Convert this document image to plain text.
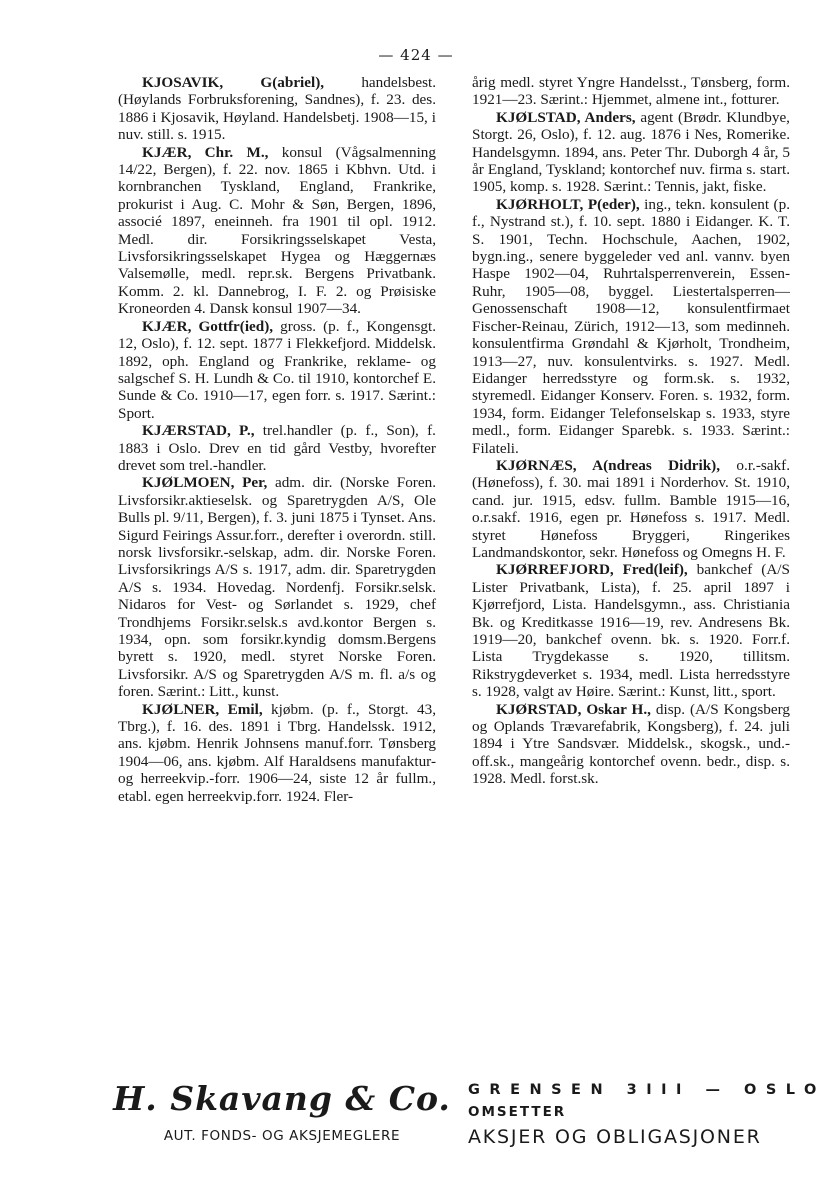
— 424 —

KJOSAVIK, G(abriel), handelsbest. (Høylands Forbruksforening, Sandnes), f. 23. des. 1886 i Kjosavik, Høyland. Handelsbetj. 1908—15, i nuv. still. s. 1915.

KJÆR, Chr. M., konsul (Vågsalmenning 14/22, Bergen), f. 22. nov. 1865 i Kbhvn. Utd. i kornbranchen Tyskland, England, Frankrike, prokurist i Aug. C. Mohr & Søn, Bergen, 1896, associé 1897, eneinneh. fra 1901 til opl. 1912. Medl. dir. Forsikringsselskapet Vesta, Livsforsikringsselskapet Hygea og Hæggernæs Valsemølle, medl. repr.sk. Bergens Privatbank. Komm. 2. kl. Dannebrog, I. F. 2. og Prøisiske Kroneorden 4. Dansk konsul 1907—34.

KJÆR, Gottfr(ied), gross. (p. f., Kongensgt. 12, Oslo), f. 12. sept. 1877 i Flekkefjord. Middelsk. 1892, oph. England og Frankrike, reklame- og salgschef S. H. Lundh & Co. til 1910, kontorchef E. Sunde & Co. 1910—17, egen forr. s. 1917. Særint.: Sport.

KJÆRSTAD, P., trel.handler (p. f., Son), f. 1883 i Oslo. Drev en tid gård Vestby, hvorefter drevet som trel.-handler.

KJØLMOEN, Per, adm. dir. (Norske Foren. Livsforsikr.aktieselsk. og Sparetrygden A/S, Ole Bulls pl. 9/11, Bergen), f. 3. juni 1875 i Tynset. Ans. Sigurd Feirings Assur.forr., derefter i overordn. still. norsk livsforsikr.-selskap, adm. dir. Norske Foren. Livsforsikrings A/S s. 1917, adm. dir. Sparetrygden A/S s. 1934. Hovedag. Nordenfj. Forsikr.selsk. Nidaros for Vest- og Sørlandet s. 1929, chef Trondhjems Forsikr.selsk.s avd.kontor Bergen s. 1934, opn. som forsikr.kyndig domsm.Bergens byrett s. 1920, medl. styret Norske Foren. Livsforsikr. A/S og Sparetrygden A/S m. fl. a/s og foren. Særint.: Litt., kunst.

KJØLNER, Emil, kjøbm. (p. f., Storgt. 43, Tbrg.), f. 16. des. 1891 i Tbrg. Handelssk. 1912, ans. kjøbm. Henrik Johnsens manuf.forr. Tønsberg 1904—06, ans. kjøbm. Alf Haraldsens manufaktur- og herreekvip.-forr. 1906—24, siste 12 år fullm., etabl. egen herreekvip.forr. 1924. Fler-

årig medl. styret Yngre Handelsst., Tønsberg, form. 1921—23. Særint.: Hjemmet, almene int., fotturer.

KJØLSTAD, Anders, agent (Brødr. Klundbye, Storgt. 26, Oslo), f. 12. aug. 1876 i Nes, Romerike. Handelsgymn. 1894, ans. Peter Thr. Duborgh 4 år, 5 år England, Tyskland; kontorchef nuv. firma s. start. 1905, komp. s. 1928. Særint.: Tennis, jakt, fiske.

KJØRHOLT, P(eder), ing., tekn. konsulent (p. f., Nystrand st.), f. 10. sept. 1880 i Eidanger. K. T. S. 1901, Techn. Hochschule, Aachen, 1902, bygn.ing., senere byggeleder ved anl. vannv. byen Haspe 1902—04, Ruhrtalsperrenverein, Essen-Ruhr, 1905—08, byggel. Liestertalsperren—Genossenschaft 1908—12, konsulentfirmaet Fischer-Reinau, Zürich, 1912—13, som medinneh. konsulentfirma Grøndahl & Kjørholt, Trondheim, 1913—27, nuv. konsulentvirks. s. 1927. Medl. Eidanger herredsstyre og form.sk. s. 1932, styremedl. Eidanger Konserv. Foren. s. 1932, form. 1934, form. Eidanger Telefonselskap s. 1933, styre medl., form. Eidanger Sparebk. s. 1933. Særint.: Filateli.

KJØRNÆS, A(ndreas Didrik), o.r.-sakf. (Hønefoss), f. 30. mai 1891 i Norderhov. St. 1910, cand. jur. 1915, edsv. fullm. Bamble 1915—16, o.r.sakf. 1916, egen pr. Hønefoss s. 1917. Medl. styret Hønefoss Bryggeri, Ringerikes Landmandskontor, sekr. Hønefoss og Omegns H. F.

KJØRREFJORD, Fred(leif), bankchef (A/S Lister Privatbank, Lista), f. 25. april 1897 i Kjørrefjord, Lista. Handelsgymn., ass. Christiania Bk. og Kreditkasse 1916—19, rev. Andresens Bk. 1919—20, bankchef ovenn. bk. s. 1920. Forr.f. Lista Trygdekasse s. 1920, tillitsm. Rikstrygdeverket s. 1934, medl. Lista herredsstyre s. 1928, valgt av Høire. Særint.: Kunst, litt., sport.

KJØRSTAD, Oskar H., disp. (A/S Kongsberg og Oplands Trævarefabrik, Kongsberg), f. 24. juli 1894 i Ytre Sandsvær. Middelsk., skogsk., und.-off.sk., mangeårig kontorchef ovenn. bedr., disp. s. 1928. Medl. forst.sk.

H. Skavang & Co.
AUT. FONDS- OG AKSJEMEGLERE
GRENSEN 3III — OSLO
OMSETTER
AKSJER OG OBLIGASJONER
